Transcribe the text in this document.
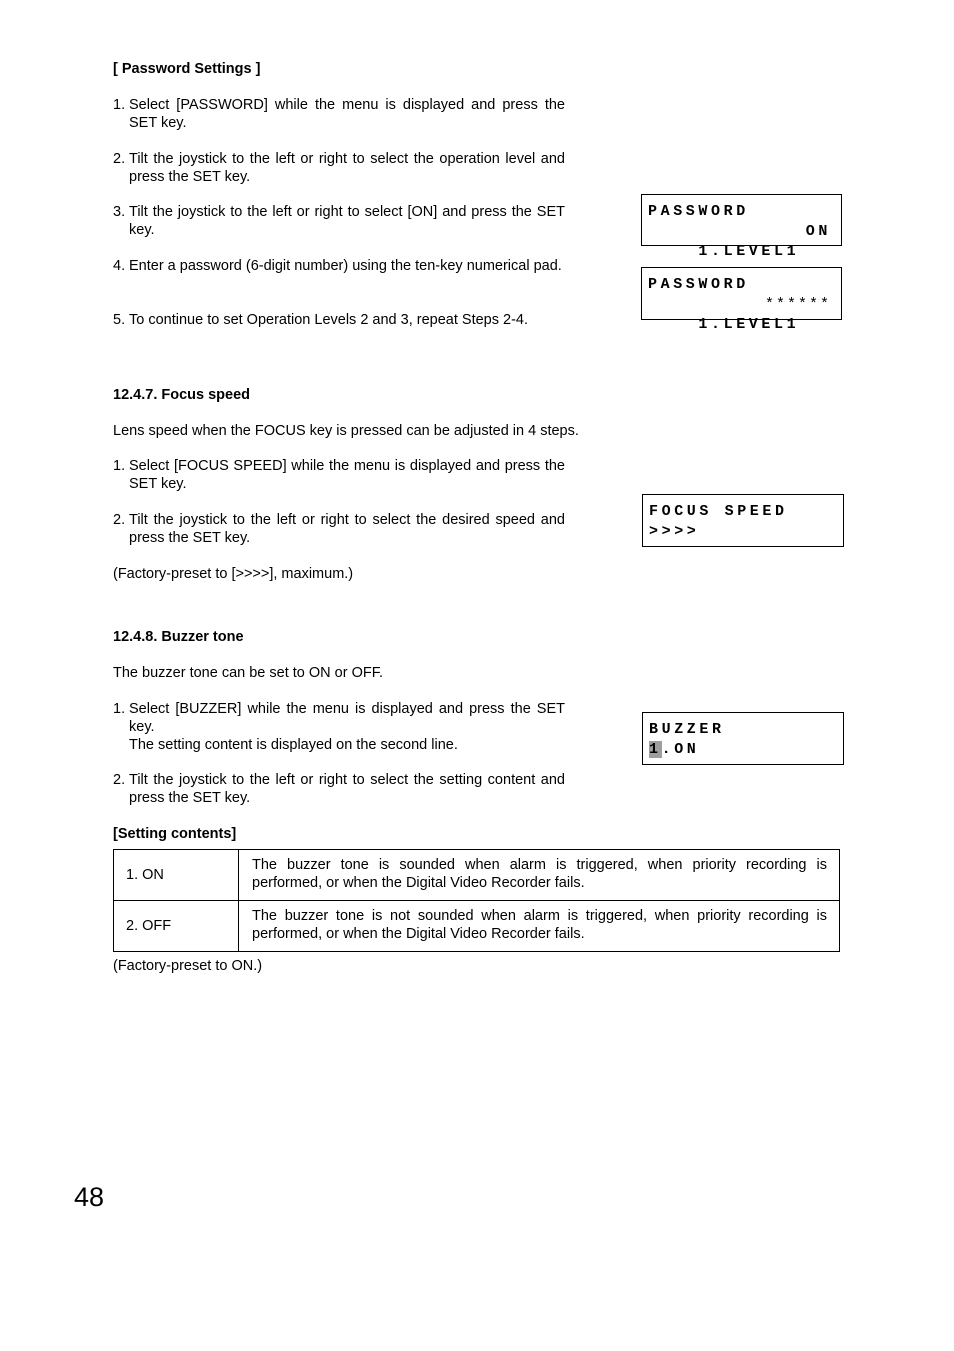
[ Password Settings ]
1. Select [PASSWORD] while the menu is displayed and press the SET key.
2. Tilt the joystick to the left or right to select the operation level and press the SET key.
3. Tilt the joystick to the left or right to select [ON] and press the SET key.
4. Enter a password (6-digit number) using the ten-key numerical pad.
5. To continue to set Operation Levels 2 and 3, repeat Steps 2-4.
PASSWORD

1.LEVEL1

ON

PASSWORD

1.LEVEL1

******

12.4.7. Focus speed
Lens speed when the FOCUS key is pressed can be adjusted in 4 steps.
1. Select [FOCUS SPEED] while the menu is displayed and press the SET key.
2. Tilt the joystick to the left or right to select the desired speed and press the SET key.
(Factory-preset to [>>>>], maximum.)
FOCUS SPEED
>>>>
12.4.8. Buzzer tone
The buzzer tone can be set to ON or OFF.
1. Select [BUZZER] while the menu is displayed and press the SET key.
The setting content is displayed on the second line.
2. Tilt the joystick to the left or right to select the setting content and press the SET key.
BUZZER
1.ON
[Setting contents]
1. ON	The buzzer tone is sounded when alarm is triggered, when priority recording is performed, or when the Digital Video Recorder fails.
2. OFF	The buzzer tone is not sounded when alarm is triggered, when priority recording is performed, or when the Digital Video Recorder fails.
(Factory-preset to ON.)
48
